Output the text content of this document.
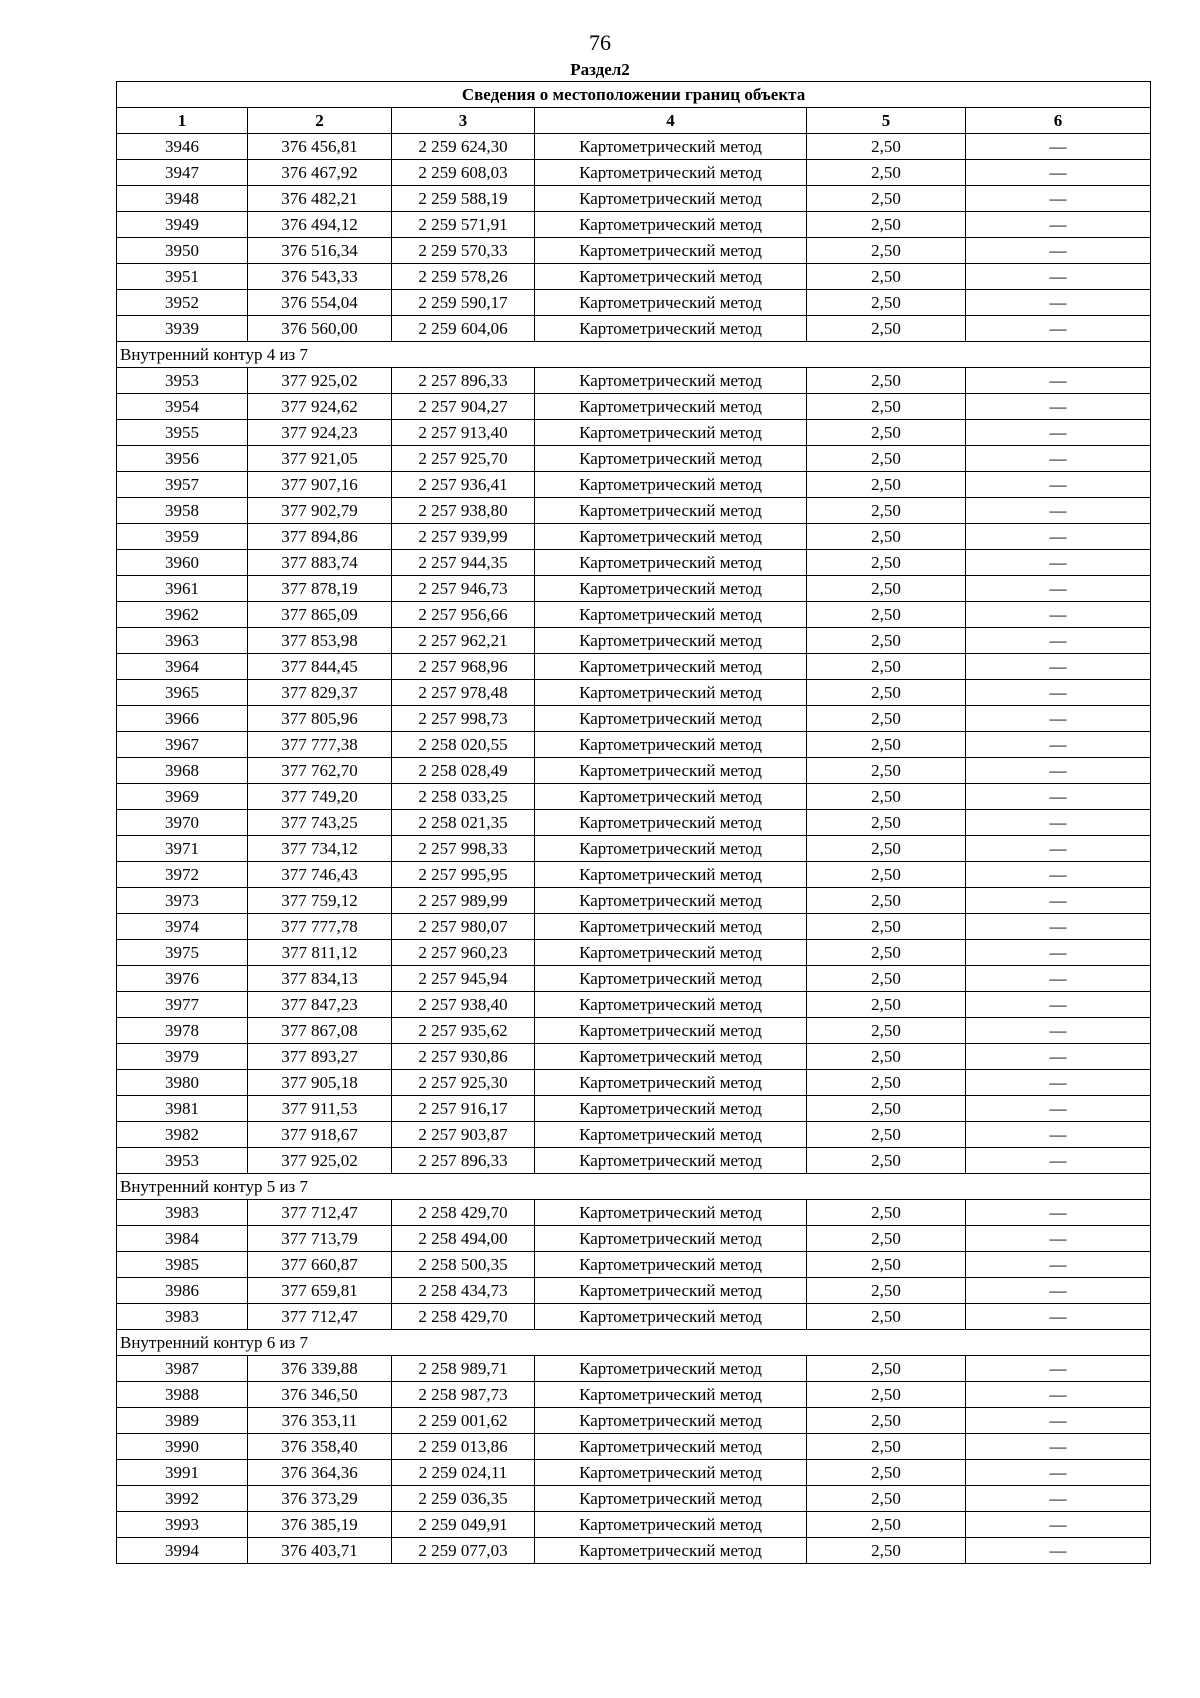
76
Раздел2
Сведения о местоположении границ объекта					
1	2	3	4	5	6
3946	376 456,81	2 259 624,30	Картометрический метод	2,50	—
3947	376 467,92	2 259 608,03	Картометрический метод	2,50	—
3948	376 482,21	2 259 588,19	Картометрический метод	2,50	—
3949	376 494,12	2 259 571,91	Картометрический метод	2,50	—
3950	376 516,34	2 259 570,33	Картометрический метод	2,50	—
3951	376 543,33	2 259 578,26	Картометрический метод	2,50	—
3952	376 554,04	2 259 590,17	Картометрический метод	2,50	—
3939	376 560,00	2 259 604,06	Картометрический метод	2,50	—
Внутренний контур 4 из 7					
3953	377 925,02	2 257 896,33	Картометрический метод	2,50	—
3954	377 924,62	2 257 904,27	Картометрический метод	2,50	—
3955	377 924,23	2 257 913,40	Картометрический метод	2,50	—
3956	377 921,05	2 257 925,70	Картометрический метод	2,50	—
3957	377 907,16	2 257 936,41	Картометрический метод	2,50	—
3958	377 902,79	2 257 938,80	Картометрический метод	2,50	—
3959	377 894,86	2 257 939,99	Картометрический метод	2,50	—
3960	377 883,74	2 257 944,35	Картометрический метод	2,50	—
3961	377 878,19	2 257 946,73	Картометрический метод	2,50	—
3962	377 865,09	2 257 956,66	Картометрический метод	2,50	—
3963	377 853,98	2 257 962,21	Картометрический метод	2,50	—
3964	377 844,45	2 257 968,96	Картометрический метод	2,50	—
3965	377 829,37	2 257 978,48	Картометрический метод	2,50	—
3966	377 805,96	2 257 998,73	Картометрический метод	2,50	—
3967	377 777,38	2 258 020,55	Картометрический метод	2,50	—
3968	377 762,70	2 258 028,49	Картометрический метод	2,50	—
3969	377 749,20	2 258 033,25	Картометрический метод	2,50	—
3970	377 743,25	2 258 021,35	Картометрический метод	2,50	—
3971	377 734,12	2 257 998,33	Картометрический метод	2,50	—
3972	377 746,43	2 257 995,95	Картометрический метод	2,50	—
3973	377 759,12	2 257 989,99	Картометрический метод	2,50	—
3974	377 777,78	2 257 980,07	Картометрический метод	2,50	—
3975	377 811,12	2 257 960,23	Картометрический метод	2,50	—
3976	377 834,13	2 257 945,94	Картометрический метод	2,50	—
3977	377 847,23	2 257 938,40	Картометрический метод	2,50	—
3978	377 867,08	2 257 935,62	Картометрический метод	2,50	—
3979	377 893,27	2 257 930,86	Картометрический метод	2,50	—
3980	377 905,18	2 257 925,30	Картометрический метод	2,50	—
3981	377 911,53	2 257 916,17	Картометрический метод	2,50	—
3982	377 918,67	2 257 903,87	Картометрический метод	2,50	—
3953	377 925,02	2 257 896,33	Картометрический метод	2,50	—
Внутренний контур 5 из 7					
3983	377 712,47	2 258 429,70	Картометрический метод	2,50	—
3984	377 713,79	2 258 494,00	Картометрический метод	2,50	—
3985	377 660,87	2 258 500,35	Картометрический метод	2,50	—
3986	377 659,81	2 258 434,73	Картометрический метод	2,50	—
3983	377 712,47	2 258 429,70	Картометрический метод	2,50	—
Внутренний контур 6 из 7					
3987	376 339,88	2 258 989,71	Картометрический метод	2,50	—
3988	376 346,50	2 258 987,73	Картометрический метод	2,50	—
3989	376 353,11	2 259 001,62	Картометрический метод	2,50	—
3990	376 358,40	2 259 013,86	Картометрический метод	2,50	—
3991	376 364,36	2 259 024,11	Картометрический метод	2,50	—
3992	376 373,29	2 259 036,35	Картометрический метод	2,50	—
3993	376 385,19	2 259 049,91	Картометрический метод	2,50	—
3994	376 403,71	2 259 077,03	Картометрический метод	2,50	—
